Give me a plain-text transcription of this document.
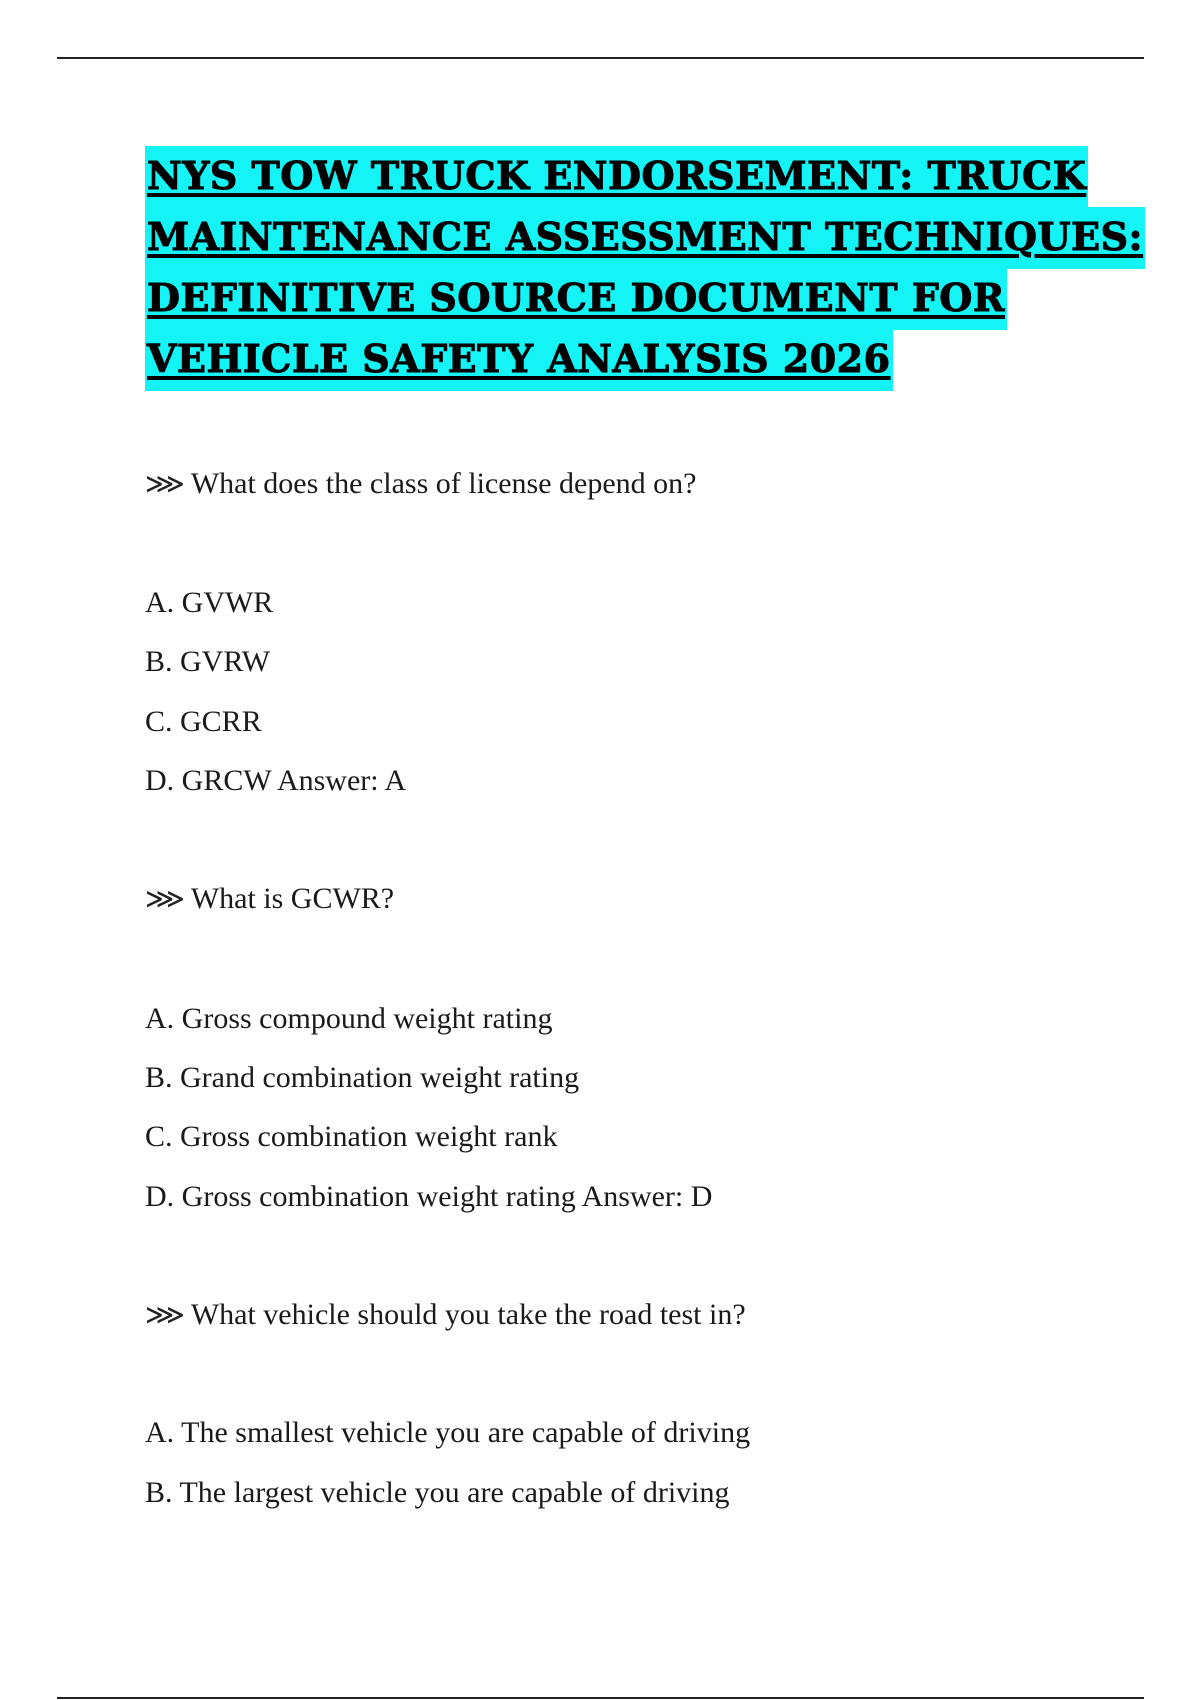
NYS TOW TRUCK ENDORSEMENT: TRUCK
MAINTENANCE ASSESSMENT TECHNIQUES:
DEFINITIVE SOURCE DOCUMENT FOR
VEHICLE SAFETY ANALYSIS 2026
⋙ What does the class of license depend on?
A. GVWR
B. GVRW
C. GCRR
D. GRCW Answer: A
⋙ What is GCWR?
A. Gross compound weight rating
B. Grand combination weight rating
C. Gross combination weight rank
D. Gross combination weight rating Answer: D
⋙ What vehicle should you take the road test in?
A. The smallest vehicle you are capable of driving
B. The largest vehicle you are capable of driving
